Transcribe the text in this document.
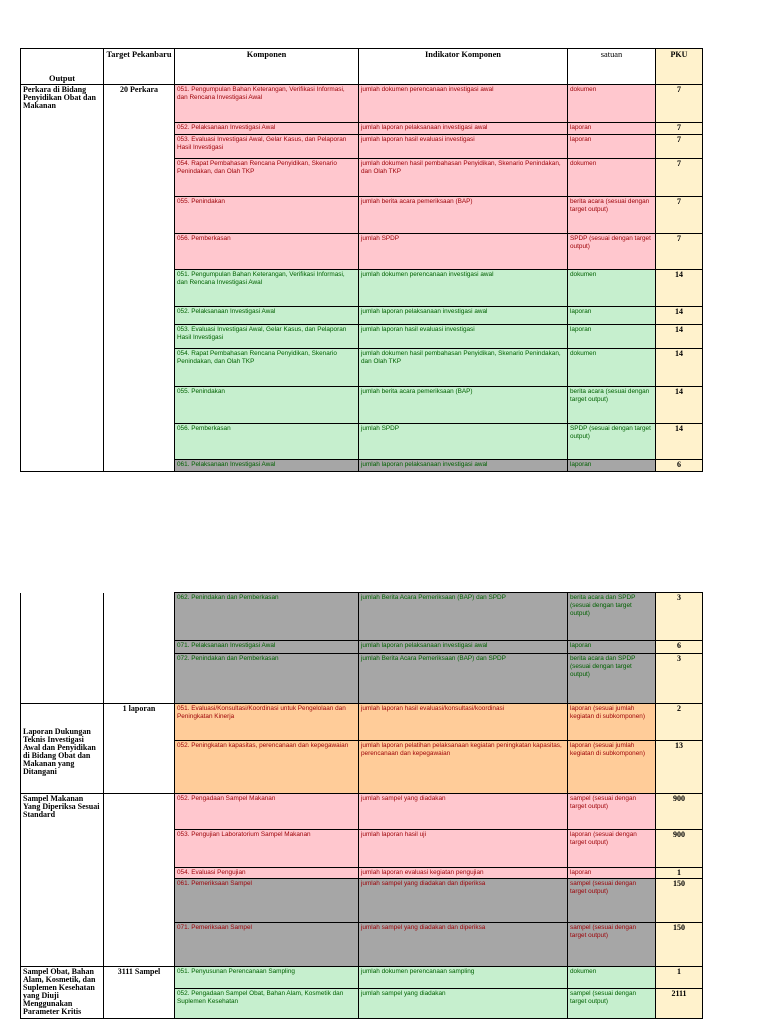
Output	Target Pekanbaru	Komponen	Indikator Komponen	satuan	PKU
Perkara di Bidang Penyidikan Obat dan Makanan	20 Perkara	051. Pengumpulan Bahan Keterangan, Verifikasi Informasi, dan Rencana Investigasi Awal	jumlah dokumen perencanaan investigasi awal	dokumen	7
		052. Pelaksanaan Investigasi Awal	jumlah laporan pelaksanaan investigasi awal	laporan	7
		053. Evaluasi Investigasi Awal, Gelar Kasus, dan Pelaporan Hasil Investigasi	jumlah laporan hasil evaluasi investigasi	laporan	7
		054. Rapat Pembahasan Rencana Penyidikan, Skenario Penindakan, dan Olah TKP	jumlah dokumen hasil pembahasan Penyidikan, Skenario Penindakan, dan Olah TKP	dokumen	7
		055. Penindakan	jumlah berita acara pemeriksaan (BAP)	berita acara (sesuai dengan target output)	7
		056. Pemberkasan	jumlah SPDP	SPDP (sesuai dengan target output)	7
		051. Pengumpulan Bahan Keterangan, Verifikasi Informasi, dan Rencana Investigasi Awal	jumlah dokumen perencanaan investigasi awal	dokumen	14
		052. Pelaksanaan Investigasi Awal	jumlah laporan pelaksanaan investigasi awal	laporan	14
		053. Evaluasi Investigasi Awal, Gelar Kasus, dan Pelaporan Hasil Investigasi	jumlah laporan hasil evaluasi investigasi	laporan	14
		054. Rapat Pembahasan Rencana Penyidikan, Skenario Penindakan, dan Olah TKP	jumlah dokumen hasil pembahasan Penyidikan, Skenario Penindakan, dan Olah TKP	dokumen	14
		055. Penindakan	jumlah berita acara pemeriksaan (BAP)	berita acara (sesuai dengan target output)	14
		056. Pemberkasan	jumlah SPDP	SPDP (sesuai dengan target output)	14
		061. Pelaksanaan Investigasi Awal	jumlah laporan pelaksanaan investigasi awal	laporan	6
		062. Penindakan dan Pemberkasan	jumlah Berita Acara Pemeriksaan (BAP) dan SPDP	berita acara dan SPDP (sesuai dengan target output)	3
		071. Pelaksanaan Investigasi Awal	jumlah laporan pelaksanaan investigasi awal	laporan	6
		072. Penindakan dan Pemberkasan	jumlah Berita Acara Pemeriksaan (BAP) dan SPDP	berita acara dan SPDP (sesuai dengan target output)	3
Laporan Dukungan Teknis Investigasi Awal dan Penyidikan di Bidang Obat dan Makanan yang Ditangani	1 laporan	051. Evaluasi/Konsultasi/Koordinasi untuk Pengelolaan dan Peningkatan Kinerja	jumlah laporan hasil evaluasi/konsultasi/koordinasi	laporan (sesuai jumlah kegiatan di subkomponen)	2
		052. Peningkatan kapasitas, perencanaan dan kepegawaian	jumlah laporan pelatihan pelaksanaan kegiatan peningkatan kapasitas, perencanaan dan kepegawaian	laporan (sesuai jumlah kegiatan di subkomponen)	13
Sampel Makanan Yang Diperiksa Sesuai Standard		052. Pengadaan Sampel Makanan	jumlah sampel yang diadakan	sampel (sesuai dengan target output)	900
		053. Pengujian Laboratorium Sampel Makanan	jumlah laporan hasil uji	laporan (sesuai dengan target output)	900
		054. Evaluasi Pengujian	jumlah laporan evaluasi kegiatan pengujian	laporan	1
		061. Pemeriksaan Sampel	jumlah sampel yang diadakan dan diperiksa	sampel (sesuai dengan target output)	150
		071. Pemeriksaan Sampel	jumlah sampel yang diadakan dan diperiksa	sampel (sesuai dengan target output)	150
Sampel Obat, Bahan Alam, Kosmetik, dan Suplemen Kesehatan yang Diuji Menggunakan Parameter Kritis	3111 Sampel	051. Penyusunan Perencanaan Sampling	jumlah dokumen perencanaan sampling	dokumen	1
		052. Pengadaan Sampel Obat, Bahan Alam, Kosmetik dan Suplemen Kesehatan	jumlah sampel yang diadakan	sampel (sesuai dengan target output)	2111
